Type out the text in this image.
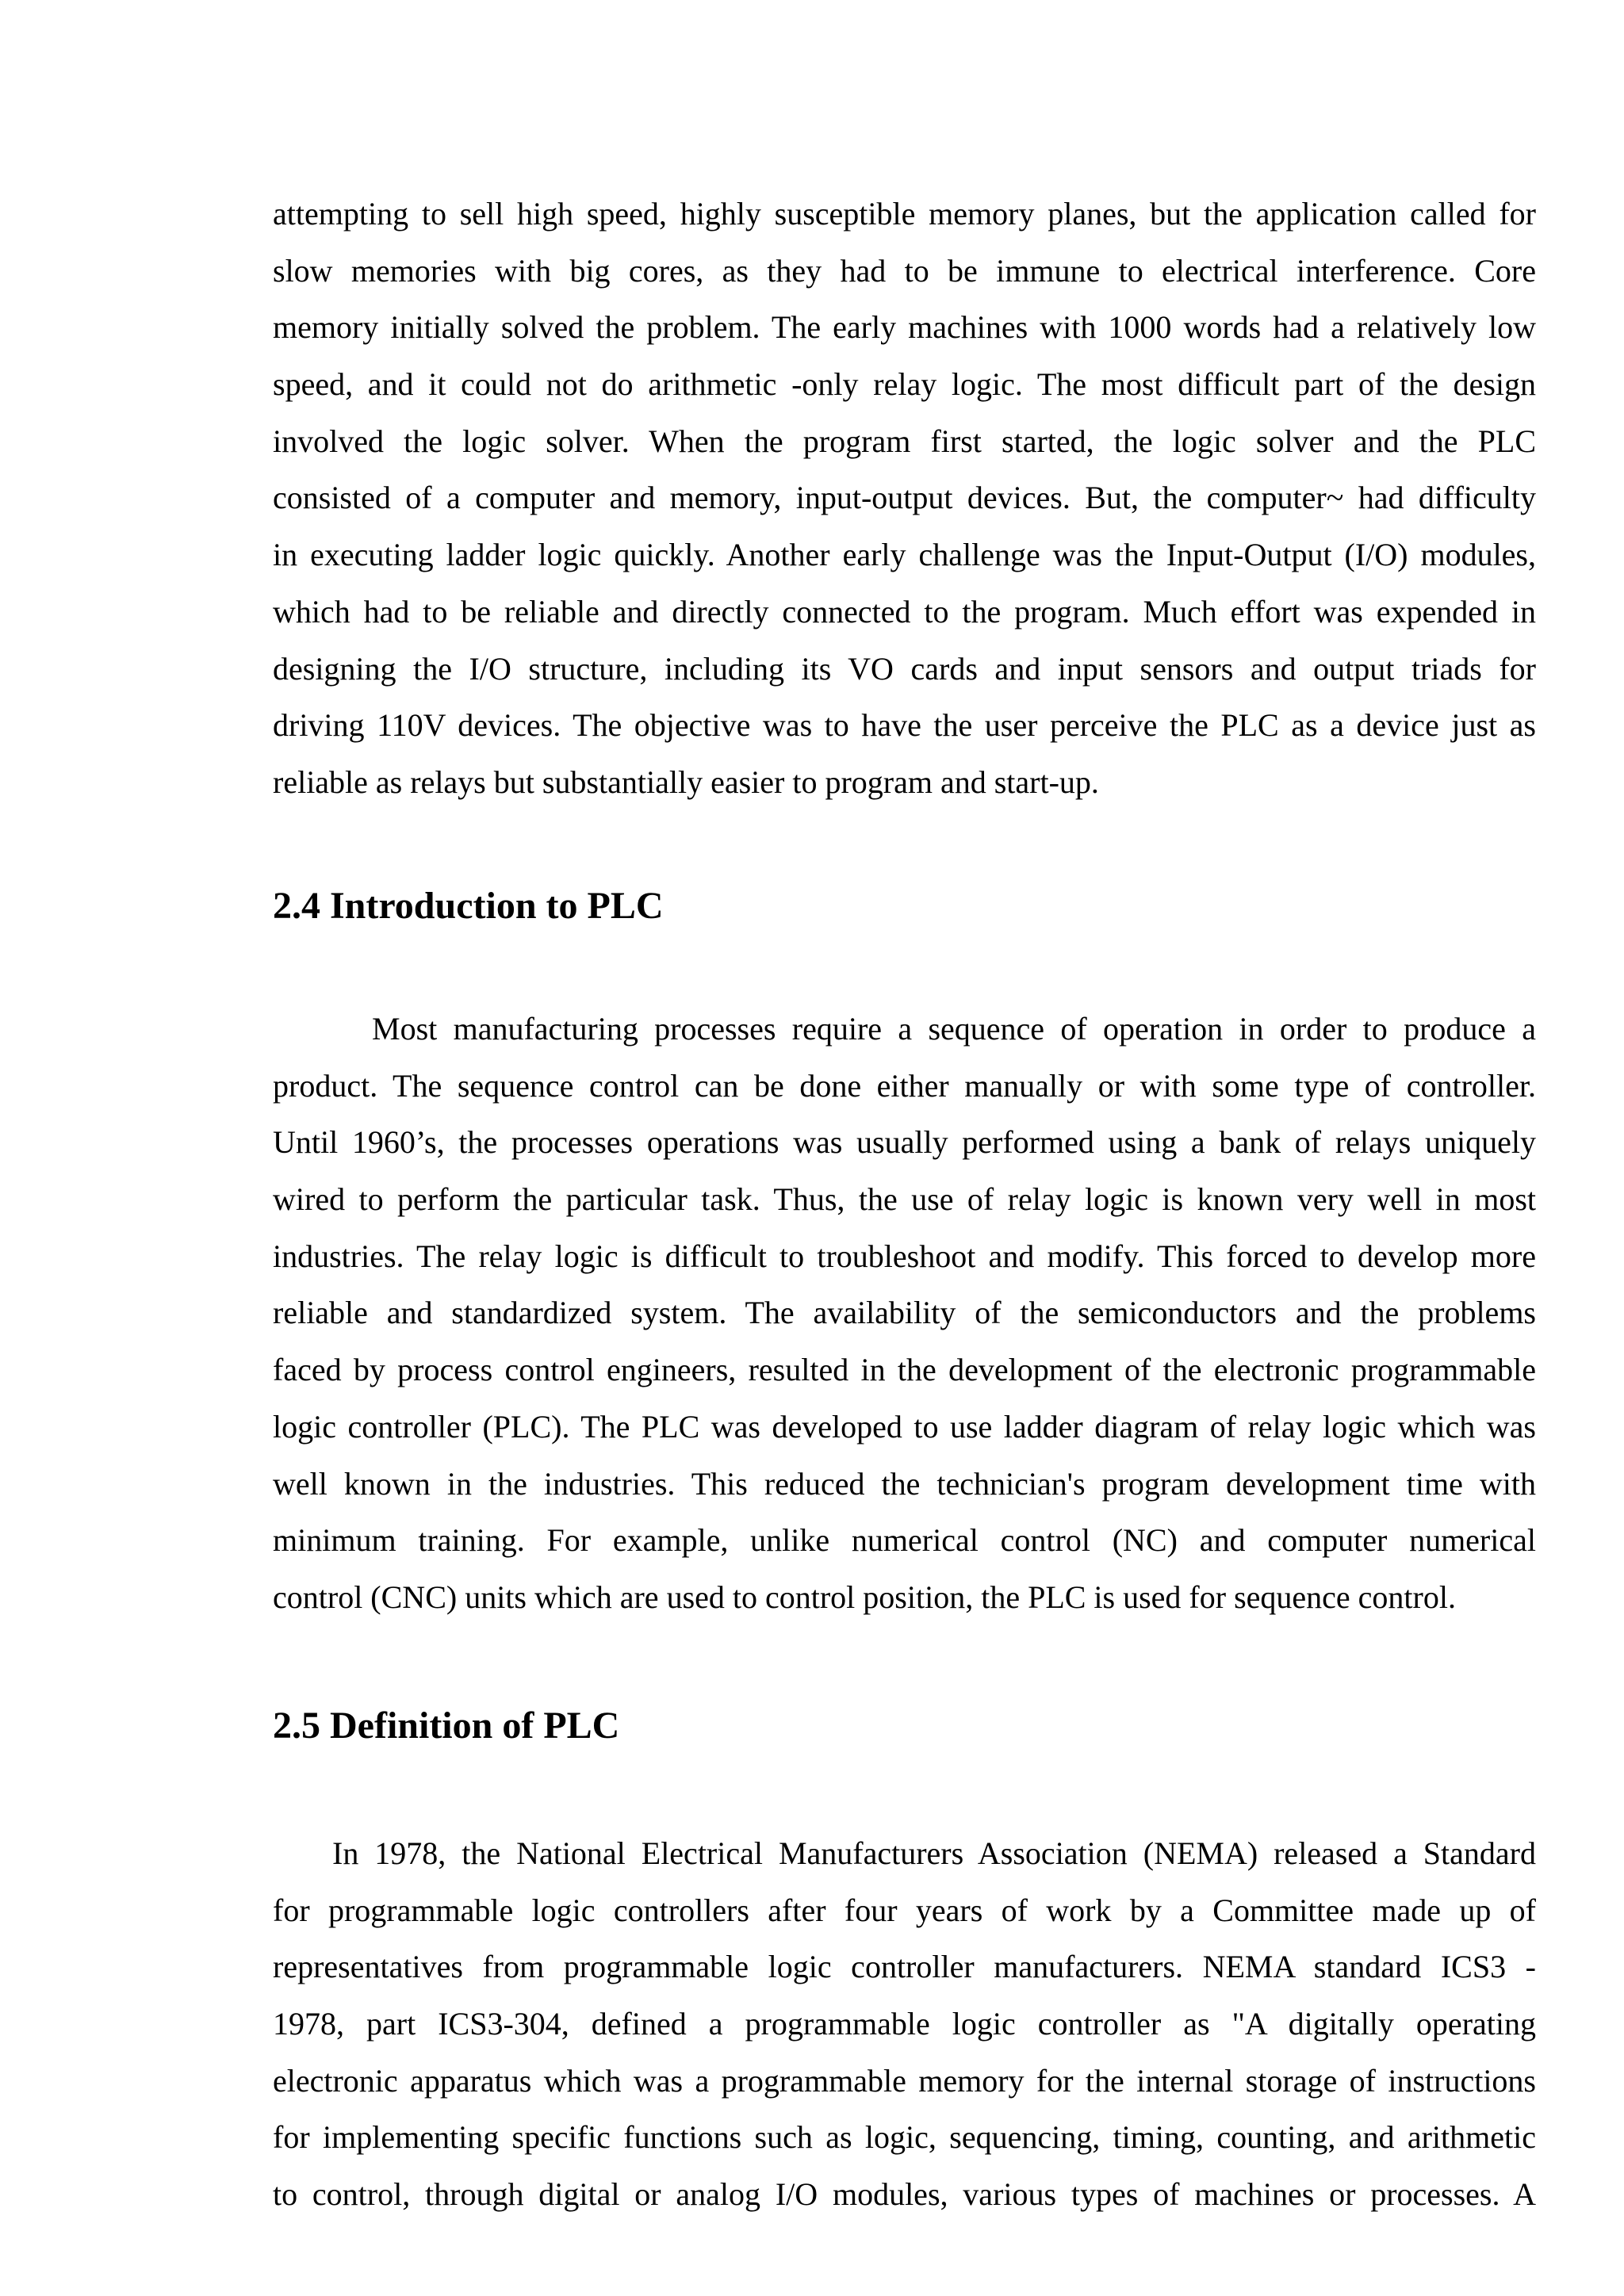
attempting to sell high speed, highly susceptible memory planes, but the application called for
slow memories with big cores, as they had to be immune to electrical interference. Core
memory initially solved the problem. The early machines with 1000 words had a relatively low
speed, and it could not do arithmetic -only relay logic. The most difficult part of the design
involved the logic solver. When the program first started, the logic solver and the PLC
consisted of a computer and memory, input-output devices. But, the computer~ had difficulty
in executing ladder logic quickly. Another early challenge was the Input-Output (I/O) modules,
which had to be reliable and directly connected to the program. Much effort was expended in
designing the I/O structure, including its VO cards and input sensors and output triads for
driving 110V devices. The objective was to have the user perceive the PLC as a device just as
reliable as relays but substantially easier to program and start-up.
2.4 Introduction to PLC
Most manufacturing processes require a sequence of operation in order to produce a
product. The sequence control can be done either manually or with some type of controller.
Until 1960’s, the processes operations was usually performed using a bank of relays uniquely
wired to perform the particular task. Thus, the use of relay logic is known very well in most
industries. The relay logic is difficult to troubleshoot and modify. This forced to develop more
reliable and standardized system. The availability of the semiconductors and the problems
faced by process control engineers, resulted in the development of the electronic programmable
logic controller (PLC). The PLC was developed to use ladder diagram of relay logic which was
well known in the industries. This reduced the technician's program development time with
minimum training. For example, unlike numerical control (NC) and computer numerical
control (CNC) units which are used to control position, the PLC is used for sequence control.
2.5 Definition of PLC
In 1978, the National Electrical Manufacturers Association (NEMA) released a Standard
for programmable logic controllers after four years of work by a Committee made up of
representatives from programmable logic controller manufacturers. NEMA standard ICS3 -
1978, part ICS3-304, defined a programmable logic controller as "A digitally operating
electronic apparatus which was a programmable memory for the internal storage of instructions
for implementing specific functions such as logic, sequencing, timing, counting, and arithmetic
to control, through digital or analog I/O modules, various types of machines or processes. A
